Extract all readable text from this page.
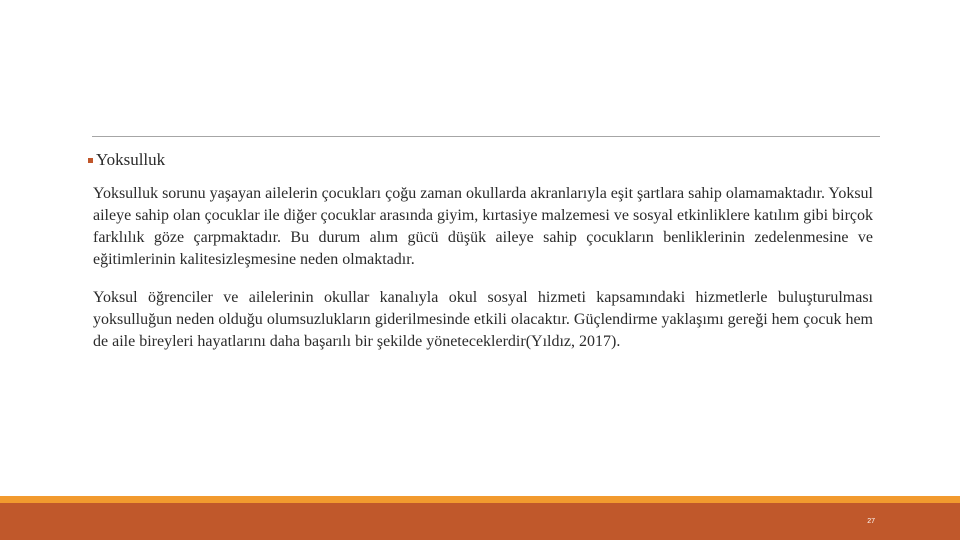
Yoksulluk

Yoksulluk sorunu yaşayan ailelerin çocukları çoğu zaman okullarda akranlarıyla eşit şartlara sahip olamamaktadır. Yoksul aileye sahip olan çocuklar ile diğer çocuklar arasında giyim, kırtasiye malzemesi ve sosyal etkinliklere katılım gibi birçok farklılık göze çarpmaktadır. Bu durum alım gücü düşük aileye sahip çocukların benliklerinin zedelenmesine ve eğitimlerinin kalitesizleşmesine neden olmaktadır.

Yoksul öğrenciler ve ailelerinin okullar kanalıyla okul sosyal hizmeti kapsamındaki hizmetlerle buluşturulması yoksulluğun neden olduğu olumsuzlukların giderilmesinde etkili olacaktır. Güçlendirme yaklaşımı gereği hem çocuk hem de aile bireyleri hayatlarını daha başarılı bir şekilde yöneteceklerdir(Yıldız, 2017).

27
